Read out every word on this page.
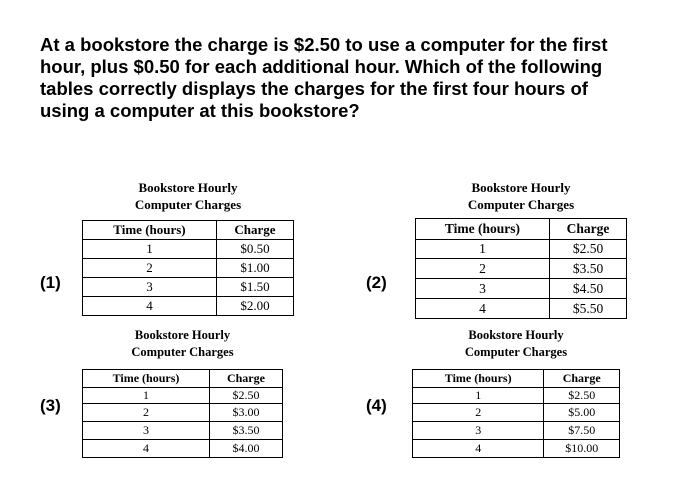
At a bookstore the charge is $2.50 to use a computer for the first
hour, plus $0.50 for each additional hour. Which of the following
tables correctly displays the charges for the first four hours of
using a computer at this bookstore?
(1)
Bookstore Hourly
Computer Charges
Time (hours)	Charge
1	$0.50
2	$1.00
3	$1.50
4	$2.00
(2)
Bookstore Hourly
Computer Charges
Time (hours)	Charge
1	$2.50
2	$3.50
3	$4.50
4	$5.50
(3)
Bookstore Hourly
Computer Charges
Time (hours)	Charge
1	$2.50
2	$3.00
3	$3.50
4	$4.00
(4)
Bookstore Hourly
Computer Charges
Time (hours)	Charge
1	$2.50
2	$5.00
3	$7.50
4	$10.00
